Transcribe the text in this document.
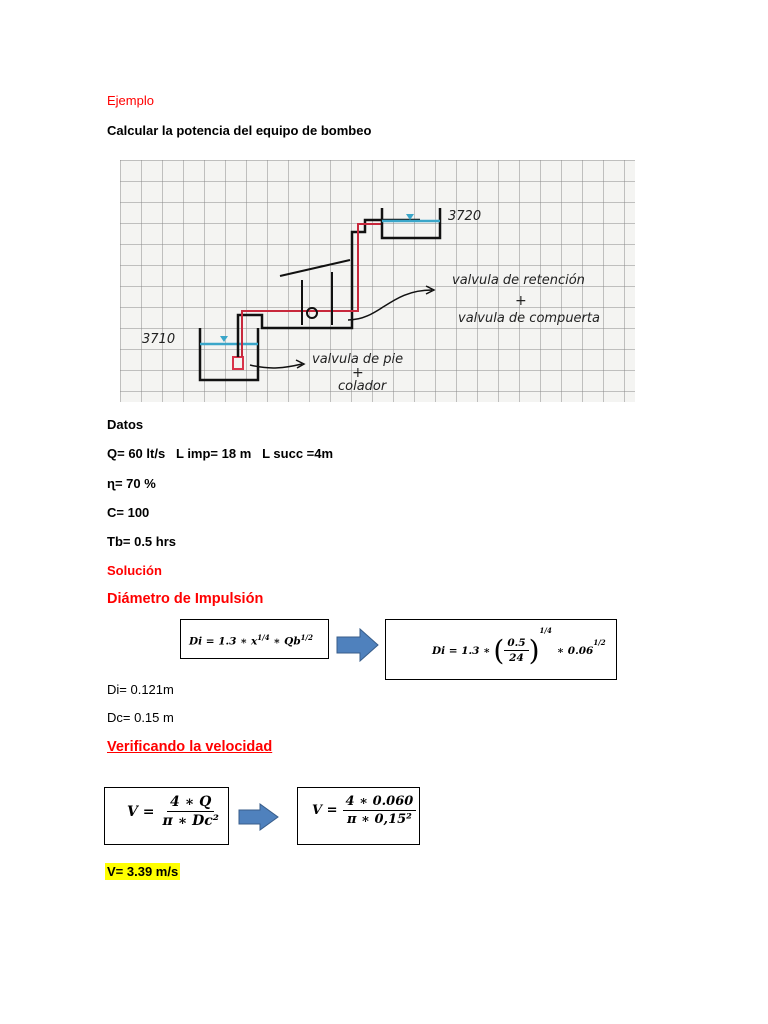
Ejemplo
Calcular la potencia del equipo de bombeo
3720
3710
valvula de retención
+
valvula de compuerta
valvula de pie
+
colador
Datos
Q= 60 lt/s   L imp= 18 m   L succ =4m
ɳ= 70 %
C= 100
Tb= 0.5 hrs
Solución
Diámetro de Impulsión
Di = 1.3 ∗ $x^{1/4}$ ∗ $Qb^{1/2}$
Di = 1.3 ∗ ( $\frac{0.5}{24}$ )
1/4
∗ 0.06
1/2
Di= 0.121m
Dc= 0.15 m
Verificando la velocidad
$V = \frac{4 ∗ Q}{\text{π ∗ Dc²}}$	$V = \frac{4 ∗ 0.060}{\text{π ∗ 0,15²}}$
V= 3.39 m/s
